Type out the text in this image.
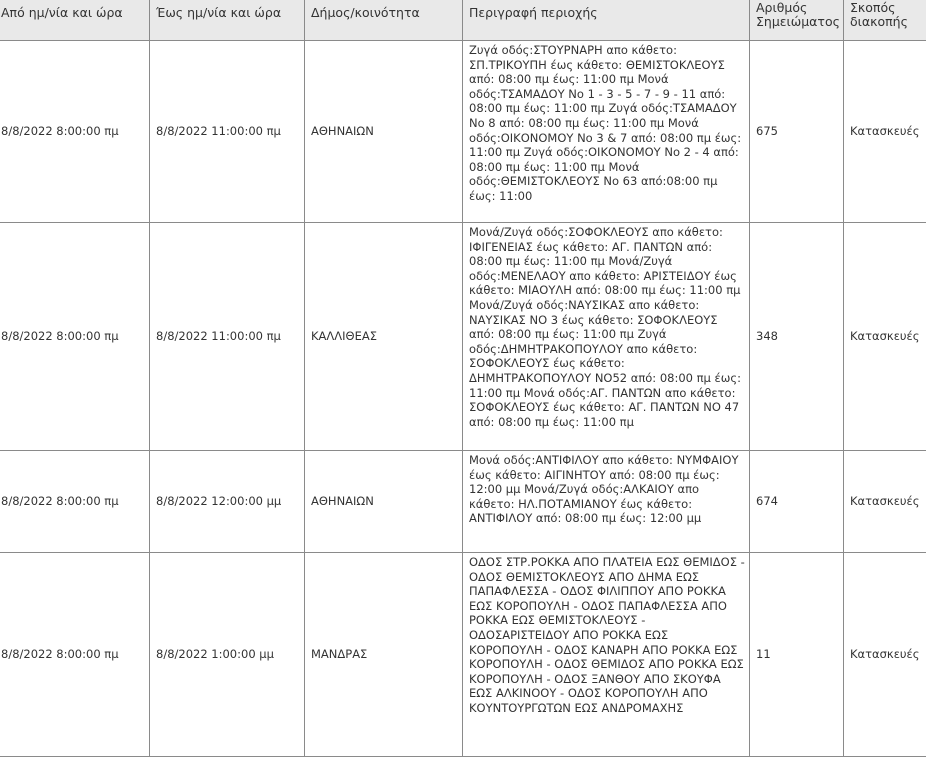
Από ημ/νία και ώρα	Έως ημ/νία και ώρα	Δήμος/κοινότητα	Περιγραφή περιοχής	Αριθμός Σημειώματος	Σκοπός διακοπής
8/8/2022 8:00:00 πμ	8/8/2022 11:00:00 πμ	ΑΘΗΝΑΙΩΝ	Ζυγά οδός:ΣΤΟΥΡΝΑΡΗ απο κάθετο: ΣΠ.ΤΡΙΚΟΥΠΗ έως κάθετο: ΘΕΜΙΣΤΟΚΛΕΟΥΣ από: 08:00 πμ έως: 11:00 πμ Μονά οδός:ΤΣΑΜΑΔΟΥ Νο 1 - 3 - 5 - 7 - 9 - 11 από: 08:00 πμ έως: 11:00 πμ Ζυγά οδός:ΤΣΑΜΑΔΟΥ Νο 8 από: 08:00 πμ έως: 11:00 πμ Μονά οδός:ΟΙΚΟΝΟΜΟΥ Νο 3 & 7 από: 08:00 πμ έως: 11:00 πμ Ζυγά οδός:ΟΙΚΟΝΟΜΟΥ Νο 2 - 4 από: 08:00 πμ έως: 11:00 πμ Μονά οδός:ΘΕΜΙΣΤΟΚΛΕΟΥΣ Νο 63 από:08:00 πμ έως: 11:00	675	Κατασκευές
8/8/2022 8:00:00 πμ	8/8/2022 11:00:00 πμ	ΚΑΛΛΙΘΕΑΣ	Μονά/Ζυγά οδός:ΣΟΦΟΚΛΕΟΥΣ απο κάθετο: ΙΦΙΓΕΝΕΙΑΣ έως κάθετο: ΑΓ. ΠΑΝΤΩΝ από: 08:00 πμ έως: 11:00 πμ Μονά/Ζυγά οδός:ΜΕΝΕΛΑΟΥ απο κάθετο: ΑΡΙΣΤΕΙΔΟΥ έως κάθετο: ΜΙΑΟΥΛΗ από: 08:00 πμ έως: 11:00 πμ Μονά/Ζυγά οδός:ΝΑΥΣΙΚΑΣ απο κάθετο: ΝΑΥΣΙΚΑΣ ΝΟ 3 έως κάθετο: ΣΟΦΟΚΛΕΟΥΣ από: 08:00 πμ έως: 11:00 πμ Ζυγά οδός:ΔΗΜΗΤΡΑΚΟΠΟΥΛΟΥ απο κάθετο: ΣΟΦΟΚΛΕΟΥΣ έως κάθετο: ΔΗΜΗΤΡΑΚΟΠΟΥΛΟΥ ΝΟ52 από: 08:00 πμ έως: 11:00 πμ Μονά οδός:ΑΓ. ΠΑΝΤΩΝ απο κάθετο: ΣΟΦΟΚΛΕΟΥΣ έως κάθετο: ΑΓ. ΠΑΝΤΩΝ ΝΟ 47 από: 08:00 πμ έως: 11:00 πμ	348	Κατασκευές
8/8/2022 8:00:00 πμ	8/8/2022 12:00:00 μμ	ΑΘΗΝΑΙΩΝ	Μονά οδός:ΑΝΤΙΦΙΛΟΥ απο κάθετο: ΝΥΜΦΑΙΟΥ έως κάθετο: ΑΙΓΙΝΗΤΟΥ από: 08:00 πμ έως: 12:00 μμ Μονά/Ζυγά οδός:ΑΛΚΑΙΟΥ απο κάθετο: ΗΛ.ΠΟΤΑΜΙΑΝΟΥ έως κάθετο: ΑΝΤΙΦΙΛΟΥ από: 08:00 πμ έως: 12:00 μμ	674	Κατασκευές
8/8/2022 8:00:00 πμ	8/8/2022 1:00:00 μμ	ΜΑΝΔΡΑΣ	ΟΔΟΣ ΣΤΡ.ΡΟΚΚΑ ΑΠΟ ΠΛΑΤΕΙΑ ΕΩΣ ΘΕΜΙΔΟΣ - ΟΔΟΣ ΘΕΜΙΣΤΟΚΛΕΟΥΣ ΑΠΟ ΔΗΜΑ ΕΩΣ ΠΑΠΑΦΛΕΣΣΑ - ΟΔΟΣ ΦΙΛΙΠΠΟΥ ΑΠΟ ΡΟΚΚΑ ΕΩΣ ΚΟΡΟΠΟΥΛΗ - ΟΔΟΣ ΠΑΠΑΦΛΕΣΣΑ ΑΠΟ ΡΟΚΚΑ ΕΩΣ ΘΕΜΙΣΤΟΚΛΕΟΥΣ - ΟΔΟΣΑΡΙΣΤΕΙΔΟΥ ΑΠΟ ΡΟΚΚΑ ΕΩΣ ΚΟΡΟΠΟΥΛΗ - ΟΔΟΣ ΚΑΝΑΡΗ ΑΠΟ ΡΟΚΚΑ ΕΩΣ ΚΟΡΟΠΟΥΛΗ - ΟΔΟΣ ΘΕΜΙΔΟΣ ΑΠΟ ΡΟΚΚΑ ΕΩΣ ΚΟΡΟΠΟΥΛΗ - ΟΔΟΣ ΞΑΝΘΟΥ ΑΠΟ ΣΚΟΥΦΑ ΕΩΣ ΑΛΚΙΝΟΟΥ - ΟΔΟΣ ΚΟΡΟΠΟΥΛΗ ΑΠΟ ΚΟΥΝΤΟΥΡΓΩΤΩΝ ΕΩΣ ΑΝΔΡΟΜΑΧΗΣ	11	Κατασκευές
